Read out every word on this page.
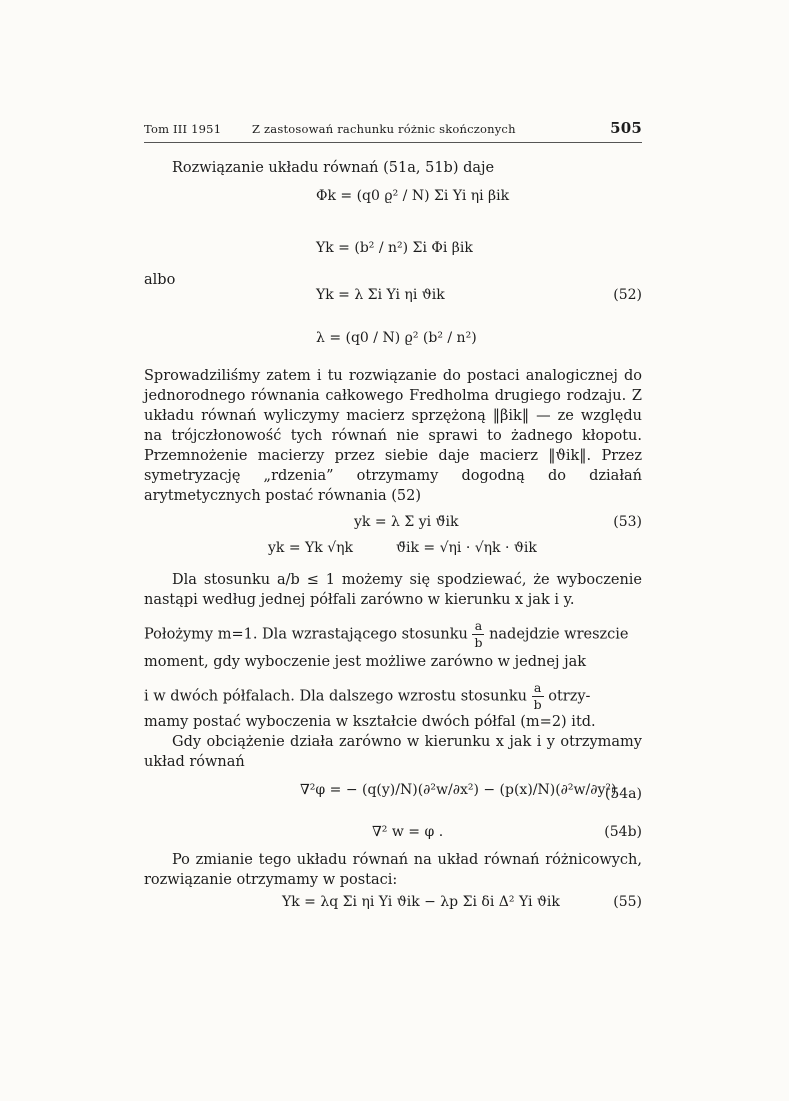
Tom III 1951	Z zastosowań rachunku różnic skończonych	505
Rozwiązanie układu równań (51a, 51b) daje
Φk = (q0 ϱ² / N) Σi Yi ηi βik
Yk = (b² / n²) Σi Φi βik
albo
Yk = λ Σi Yi ηi ϑik	(52)
λ = (q0 / N) ϱ² (b² / n²)
Sprowadziliśmy zatem i tu rozwiązanie do postaci analogicznej do jednorodnego równania całkowego Fredholma drugiego rodzaju. Z układu równań wyliczymy macierz sprzężoną ‖βik‖ — ze względu na trójczłonowość tych równań nie sprawi to żadnego kłopotu. Przemnożenie macierzy przez siebie daje macierz ‖ϑik‖. Przez symetryzację „rdzenia” otrzymamy dogodną do działań arytmetycznych postać równania (52)
yk = λ Σ yi ϑ̄ik	(53)
yk = Yk √ηk	ϑ̄ik = √ηi · √ηk · ϑik
Dla stosunku a/b ≤ 1 możemy się spodziewać, że wyboczenie nastąpi według jednej półfali zarówno w kierunku x jak i y.
Położymy m=1. Dla wzrastającego stosunku $\frac{a}{b}$ nadejdzie wreszcie
moment, gdy wyboczenie jest możliwe zarówno w jednej jak
i w dwóch półfalach. Dla dalszego wzrostu stosunku $\frac{a}{b}$ otrzy-
mamy postać wyboczenia w kształcie dwóch półfal (m=2) itd.
Gdy obciążenie działa zarówno w kierunku x jak i y otrzymamy układ równań
∇²φ = − (q(y)/N)(∂²w/∂x²) − (p(x)/N)(∂²w/∂y²)
(54a)
∇² w = φ .	(54b)
Po zmianie tego układu równań na układ równań różnicowych, rozwiązanie otrzymamy w postaci:
Yk = λq Σi ηi Yi ϑik − λp Σi δi Δ² Yi ϑik	(55)
